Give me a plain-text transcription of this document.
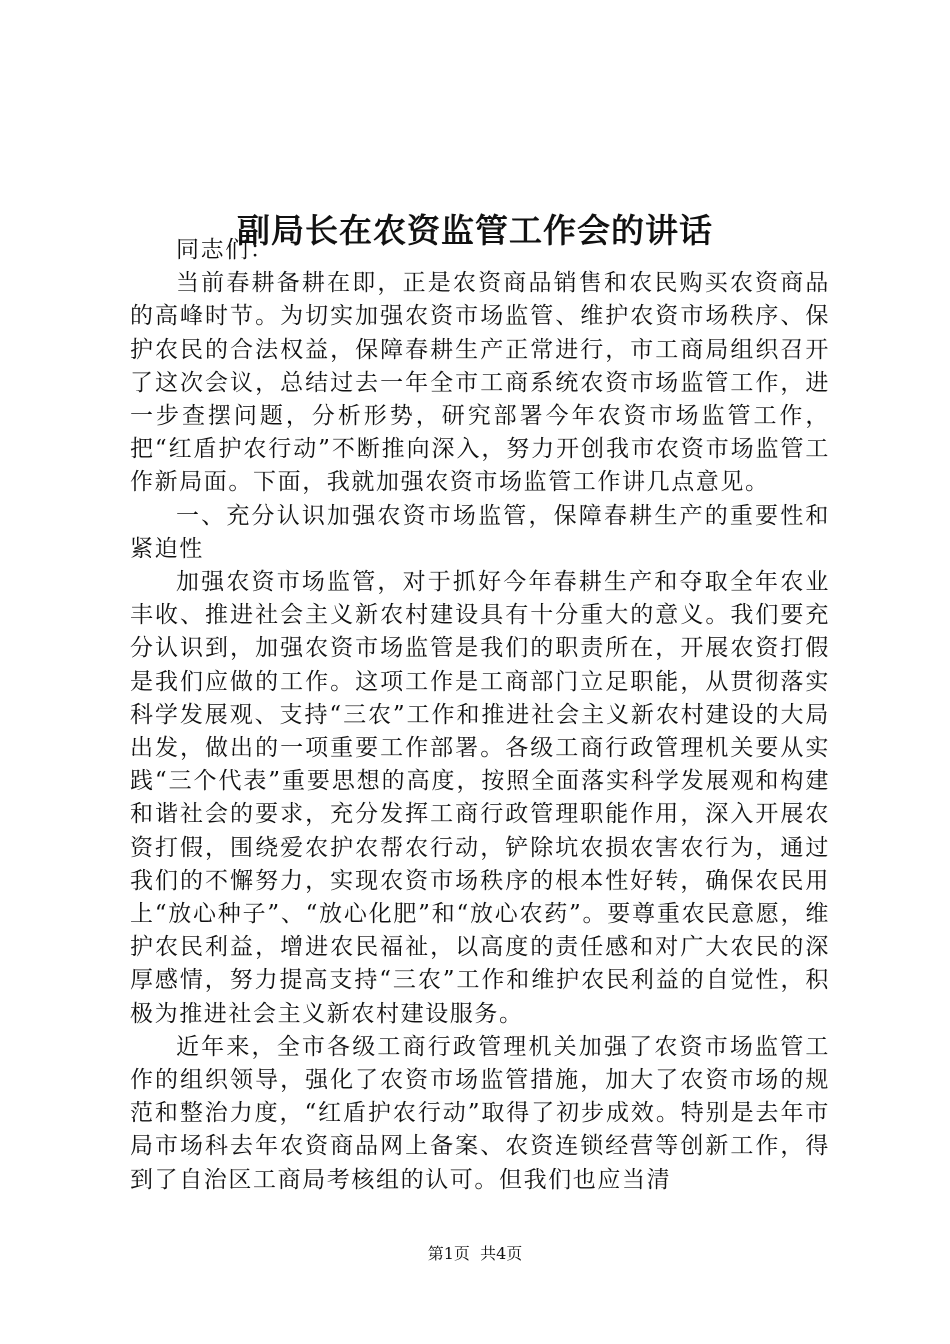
副局长在农资监管工作会的讲话

同志们：

当前春耕备耕在即，正是农资商品销售和农民购买农资商品的高峰时节。为切实加强农资市场监管、维护农资市场秩序、保护农民的合法权益，保障春耕生产正常进行，市工商局组织召开了这次会议，总结过去一年全市工商系统农资市场监管工作，进一步查摆问题，分析形势，研究部署今年农资市场监管工作，把“红盾护农行动”不断推向深入，努力开创我市农资市场监管工作新局面。下面，我就加强农资市场监管工作讲几点意见。

一、充分认识加强农资市场监管，保障春耕生产的重要性和紧迫性

加强农资市场监管，对于抓好今年春耕生产和夺取全年农业丰收、推进社会主义新农村建设具有十分重大的意义。我们要充分认识到，加强农资市场监管是我们的职责所在，开展农资打假是我们应做的工作。这项工作是工商部门立足职能，从贯彻落实科学发展观、支持“三农”工作和推进社会主义新农村建设的大局出发，做出的一项重要工作部署。各级工商行政管理机关要从实践“三个代表”重要思想的高度，按照全面落实科学发展观和构建和谐社会的要求，充分发挥工商行政管理职能作用，深入开展农资打假，围绕爱农护农帮农行动，铲除坑农损农害农行为，通过我们的不懈努力，实现农资市场秩序的根本性好转，确保农民用上“放心种子”、“放心化肥”和“放心农药”。要尊重农民意愿，维护农民利益，增进农民福祉，以高度的责任感和对广大农民的深厚感情，努力提高支持“三农”工作和维护农民利益的自觉性，积极为推进社会主义新农村建设服务。

近年来，全市各级工商行政管理机关加强了农资市场监管工作的组织领导，强化了农资市场监管措施，加大了农资市场的规范和整治力度，“红盾护农行动”取得了初步成效。特别是去年市局市场科去年农资商品网上备案、农资连锁经营等创新工作，得到了自治区工商局考核组的认可。但我们也应当清

第1页 共4页
